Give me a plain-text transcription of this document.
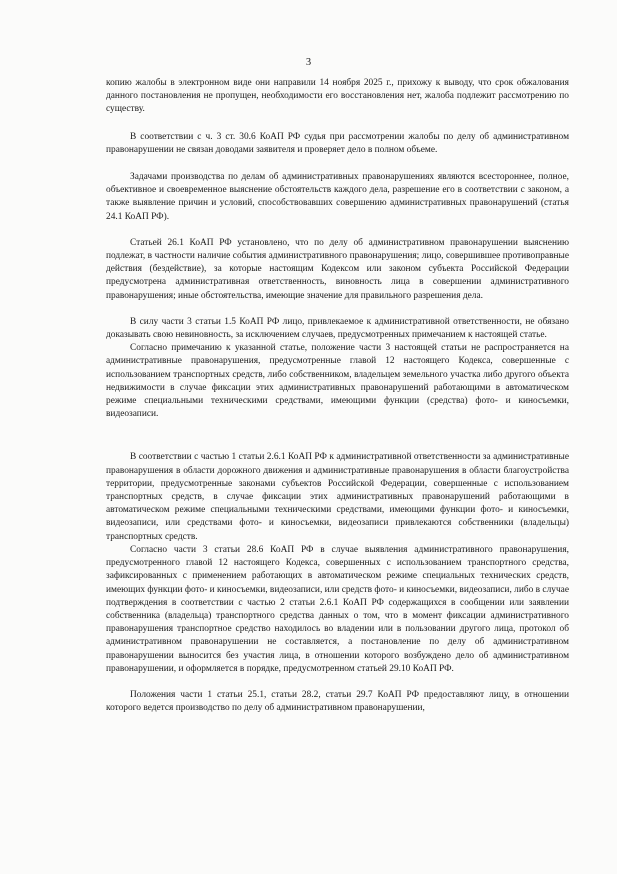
3

копию жалобы в электронном виде они направили 14 ноября 2025 г., прихожу к выводу, что срок обжалования данного постановления не пропущен, необходимости его восстановления нет, жалоба подлежит рассмотрению по существу.

В соответствии с ч. 3 ст. 30.6 КоАП РФ судья при рассмотрении жалобы по делу об административном правонарушении не связан доводами заявителя и проверяет дело в полном объеме.

Задачами производства по делам об административных правонарушениях являются всестороннее, полное, объективное и своевременное выяснение обстоятельств каждого дела, разрешение его в соответствии с законом, а также выявление причин и условий, способствовавших совершению административных правонарушений (статья 24.1 КоАП РФ).

Статьей 26.1 КоАП РФ установлено, что по делу об административном правонарушении выяснению подлежат, в частности наличие события административного правонарушения; лицо, совершившее противоправные действия (бездействие), за которые настоящим Кодексом или законом субъекта Российской Федерации предусмотрена административная ответственность, виновность лица в совершении административного правонарушения; иные обстоятельства, имеющие значение для правильного разрешения дела.

В силу части 3 статьи 1.5 КоАП РФ лицо, привлекаемое к административной ответственности, не обязано доказывать свою невиновность, за исключением случаев, предусмотренных примечанием к настоящей статье.

Согласно примечанию к указанной статье, положение части 3 настоящей статьи не распространяется на административные правонарушения, предусмотренные главой 12 настоящего Кодекса, совершенные с использованием транспортных средств, либо собственником, владельцем земельного участка либо другого объекта недвижимости в случае фиксации этих административных правонарушений работающими в автоматическом режиме специальными техническими средствами, имеющими функции (средства) фото- и киносъемки, видеозаписи.

В соответствии с частью 1 статьи 2.6.1 КоАП РФ к административной ответственности за административные правонарушения в области дорожного движения и административные правонарушения в области благоустройства территории, предусмотренные законами субъектов Российской Федерации, совершенные с использованием транспортных средств, в случае фиксации этих административных правонарушений работающими в автоматическом режиме специальными техническими средствами, имеющими функции фото- и киносъемки, видеозаписи, или средствами фото- и киносъемки, видеозаписи привлекаются собственники (владельцы) транспортных средств.

Согласно части 3 статьи 28.6 КоАП РФ в случае выявления административного правонарушения, предусмотренного главой 12 настоящего Кодекса, совершенных с использованием транспортного средства, зафиксированных с применением работающих в автоматическом режиме специальных технических средств, имеющих функции фото- и киносъемки, видеозаписи, или средств фото- и киносъемки, видеозаписи, либо в случае подтверждения в соответствии с частью 2 статьи 2.6.1 КоАП РФ содержащихся в сообщении или заявлении собственника (владельца) транспортного средства данных о том, что в момент фиксации административного правонарушения транспортное средство находилось во владении или в пользовании другого лица, протокол об административном правонарушении не составляется, а постановление по делу об административном правонарушении выносится без участия лица, в отношении которого возбуждено дело об административном правонарушении, и оформляется в порядке, предусмотренном статьей 29.10 КоАП РФ.

Положения части 1 статьи 25.1, статьи 28.2, статьи 29.7 КоАП РФ предоставляют лицу, в отношении которого ведется производство по делу об административном правонарушении,
